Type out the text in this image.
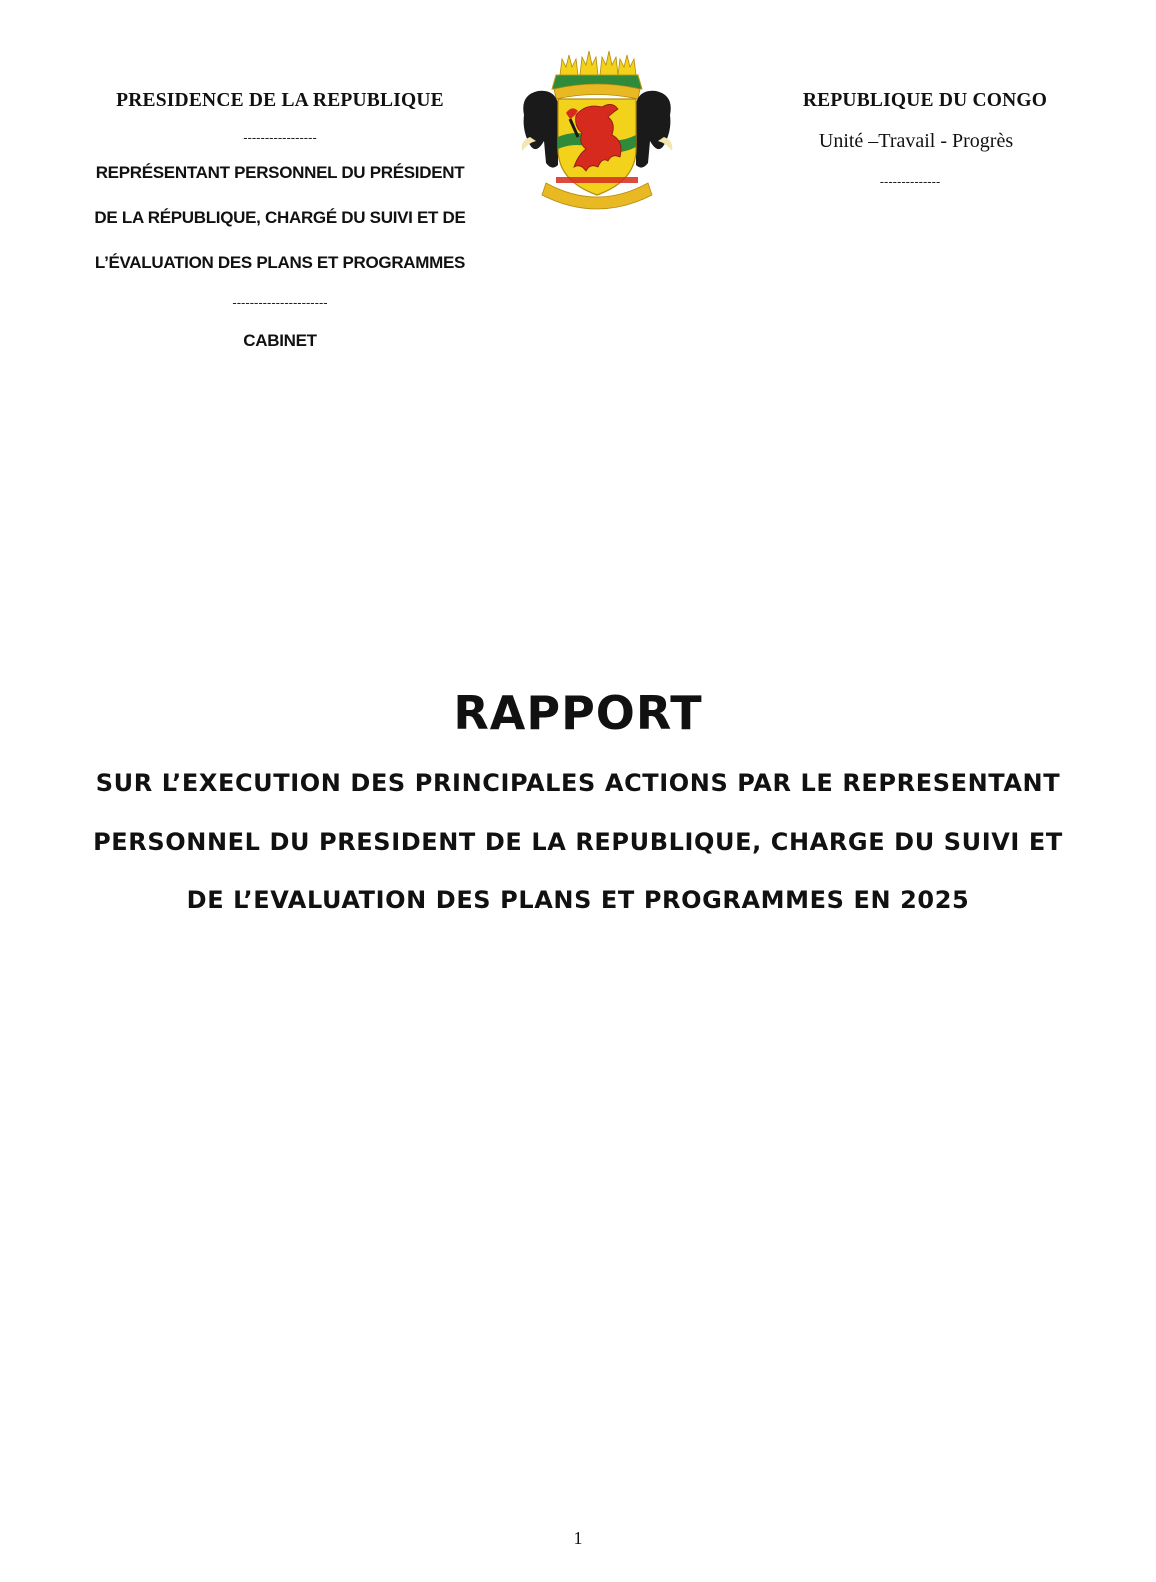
PRESIDENCE DE LA REPUBLIQUE
-----------------
REPRÉSENTANT PERSONNEL DU PRÉSIDENT
DE LA RÉPUBLIQUE, CHARGÉ DU SUIVI ET DE
L’ÉVALUATION DES PLANS ET PROGRAMMES
----------------------
CABINET
REPUBLIQUE DU CONGO
Unité –Travail - Progrès
--------------
RAPPORT
SUR L’EXECUTION DES PRINCIPALES ACTIONS PAR LE REPRESENTANT
PERSONNEL DU PRESIDENT DE LA REPUBLIQUE, CHARGE DU SUIVI ET
DE L’EVALUATION DES PLANS ET PROGRAMMES EN 2025
1
